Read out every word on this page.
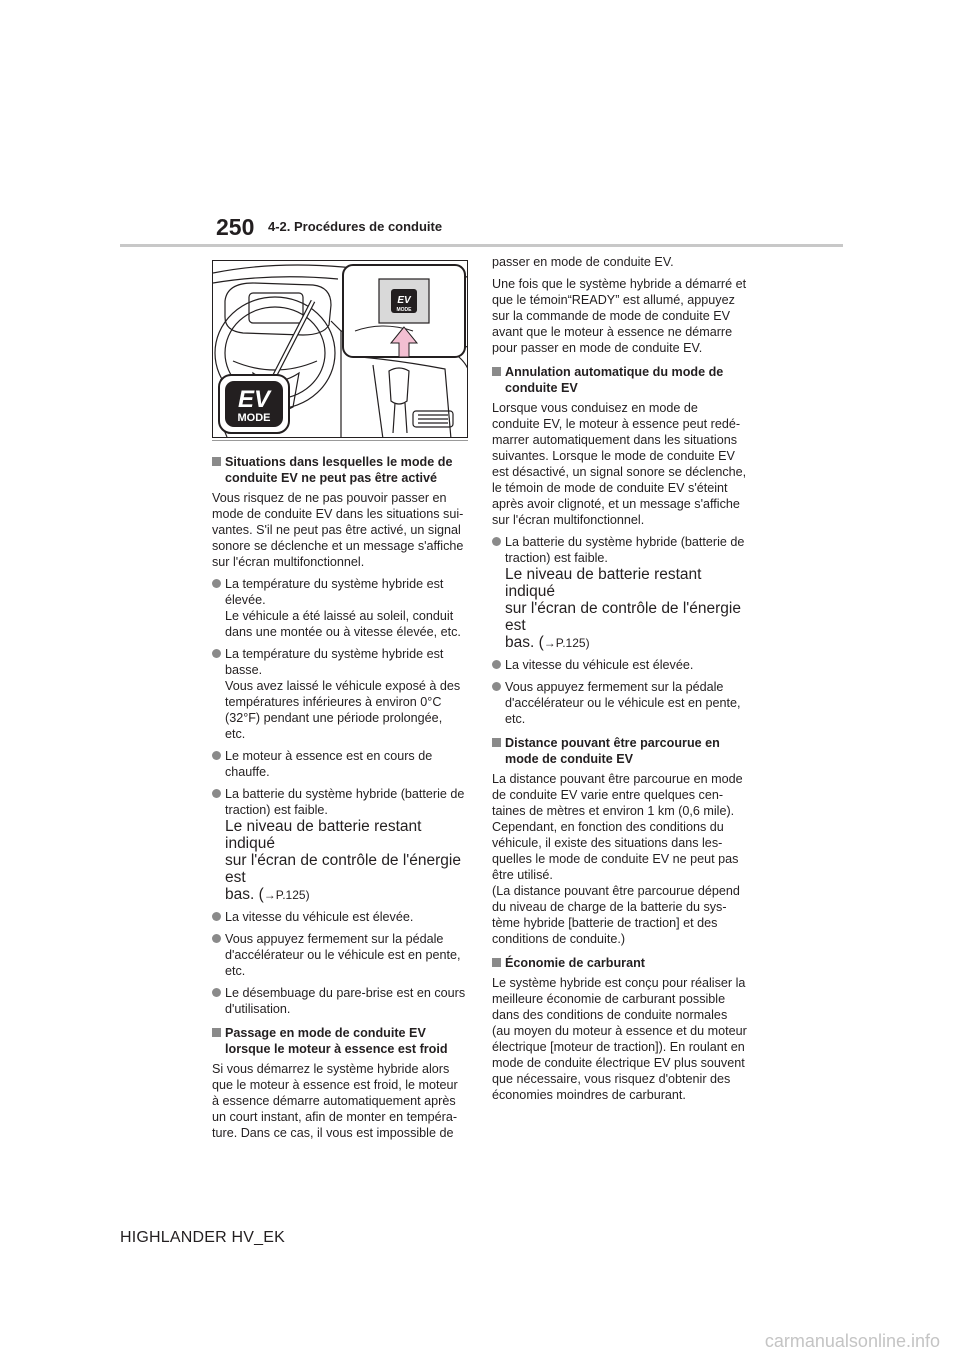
250 4-2. Procédures de conduite
EV
MODE
EV
MODE
Situations dans lesquelles le mode de
conduite EV ne peut pas être activé
Vous risquez de ne pas pouvoir passer en
mode de conduite EV dans les situations sui-
vantes. S'il ne peut pas être activé, un signal
sonore se déclenche et un message s'affiche
sur l'écran multifonctionnel.
La température du système hybride est
élevée.
Le véhicule a été laissé au soleil, conduit
dans une montée ou à vitesse élevée, etc.
La température du système hybride est
basse.
Vous avez laissé le véhicule exposé à des
températures inférieures à environ 0°C
(32°F) pendant une période prolongée,
etc.
Le moteur à essence est en cours de
chauffe.
La batterie du système hybride (batterie de
traction) est faible.
Le niveau de batterie restant indiqué
sur l'écran de contrôle de l'énergie est
bas. (→P.125)
La vitesse du véhicule est élevée.
Vous appuyez fermement sur la pédale
d'accélérateur ou le véhicule est en pente,
etc.
Le désembuage du pare-brise est en cours
d'utilisation.
Passage en mode de conduite EV
lorsque le moteur à essence est froid
Si vous démarrez le système hybride alors
que le moteur à essence est froid, le moteur
à essence démarre automatiquement après
un court instant, afin de monter en tempéra-
ture. Dans ce cas, il vous est impossible de
passer en mode de conduite EV.
Une fois que le système hybride a démarré et
que le témoin“READY” est allumé, appuyez
sur la commande de mode de conduite EV
avant que le moteur à essence ne démarre
pour passer en mode de conduite EV.
Annulation automatique du mode de
conduite EV
Lorsque vous conduisez en mode de
conduite EV, le moteur à essence peut redé-
marrer automatiquement dans les situations
suivantes. Lorsque le mode de conduite EV
est désactivé, un signal sonore se déclenche,
le témoin de mode de conduite EV s'éteint
après avoir clignoté, et un message s'affiche
sur l'écran multifonctionnel.
La batterie du système hybride (batterie de
traction) est faible.
Le niveau de batterie restant indiqué
sur l'écran de contrôle de l'énergie est
bas. (→P.125)
La vitesse du véhicule est élevée.
Vous appuyez fermement sur la pédale
d'accélérateur ou le véhicule est en pente,
etc.
Distance pouvant être parcourue en
mode de conduite EV
La distance pouvant être parcourue en mode
de conduite EV varie entre quelques cen-
taines de mètres et environ 1 km (0,6 mile).
Cependant, en fonction des conditions du
véhicule, il existe des situations dans les-
quelles le mode de conduite EV ne peut pas
être utilisé.
(La distance pouvant être parcourue dépend
du niveau de charge de la batterie du sys-
tème hybride [batterie de traction] et des
conditions de conduite.)
Économie de carburant
Le système hybride est conçu pour réaliser la
meilleure économie de carburant possible
dans des conditions de conduite normales
(au moyen du moteur à essence et du moteur
électrique [moteur de traction]). En roulant en
mode de conduite électrique EV plus souvent
que nécessaire, vous risquez d'obtenir des
économies moindres de carburant.
HIGHLANDER HV_EK
carmanualsonline.info
